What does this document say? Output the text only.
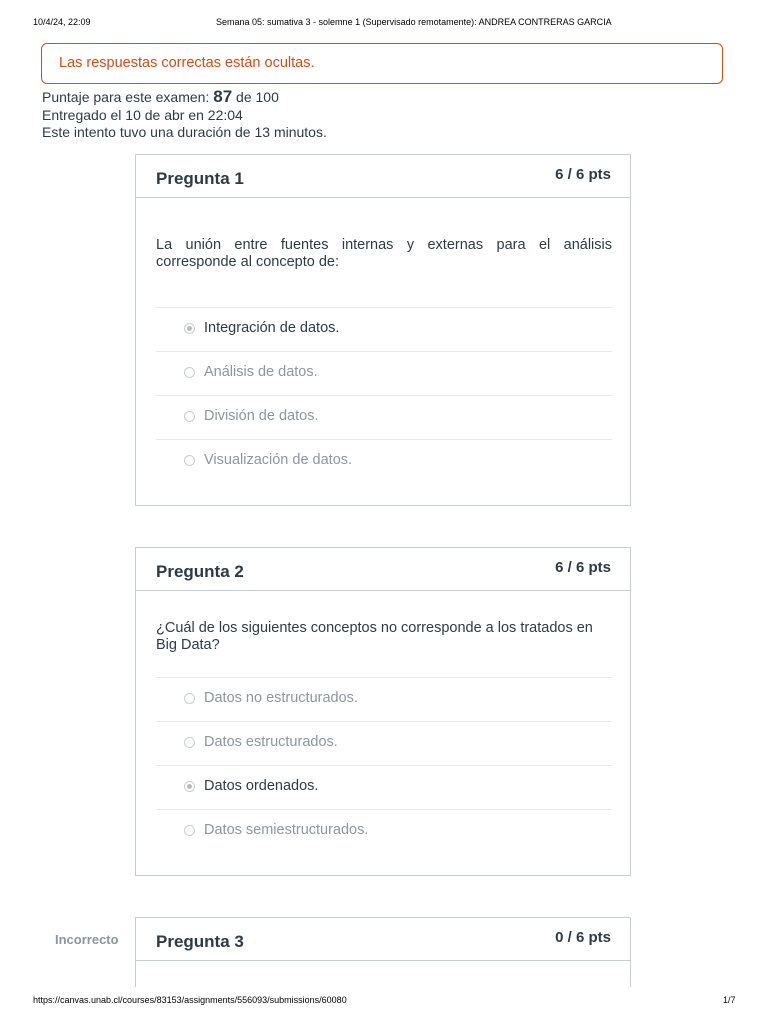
10/4/24, 22:09	Semana 05: sumativa 3 - solemne 1 (Supervisado remotamente): ANDREA CONTRERAS GARCIA
Las respuestas correctas están ocultas.
Puntaje para este examen: 87 de 100
Entregado el 10 de abr en 22:04
Este intento tuvo una duración de 13 minutos.
Pregunta 1	6 / 6 pts
La unión entre fuentes internas y externas para el análisis corresponde al concepto de:
Integración de datos.
Análisis de datos.
División de datos.
Visualización de datos.
Pregunta 2	6 / 6 pts
¿Cuál de los siguientes conceptos no corresponde a los tratados en Big Data?
Datos no estructurados.
Datos estructurados.
Datos ordenados.
Datos semiestructurados.
Incorrecto Pregunta 3	0 / 6 pts
https://canvas.unab.cl/courses/83153/assignments/556093/submissions/60080	1/7
